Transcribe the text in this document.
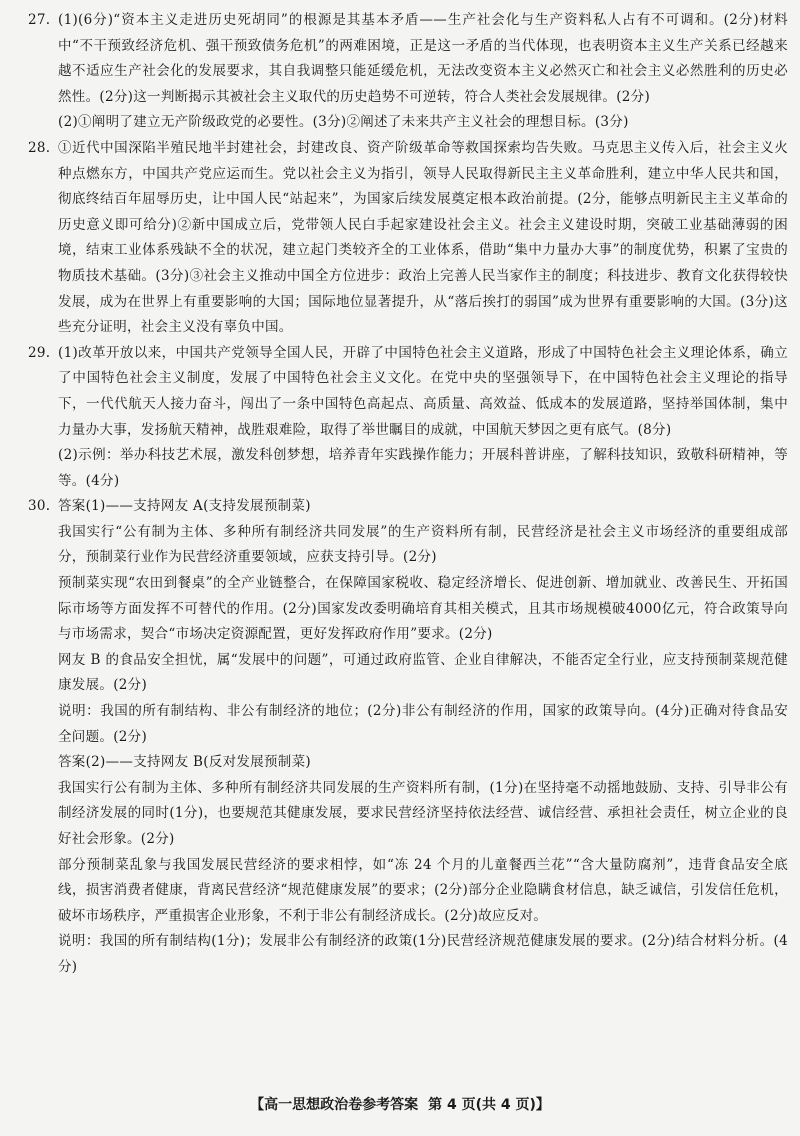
27. (1)(6分)“资本主义走进历史死胡同”的根源是其基本矛盾——生产社会化与生产资料私人占有不可调和。(2分)材料中“不干预致经济危机、强干预致债务危机”的两难困境，正是这一矛盾的当代体现，也表明资本主义生产关系已经越来越不适应生产社会化的发展要求，其自我调整只能延缓危机，无法改变资本主义必然灭亡和社会主义必然胜利的历史必然性。(2分)这一判断揭示其被社会主义取代的历史趋势不可逆转，符合人类社会发展规律。(2分)

(2)①阐明了建立无产阶级政党的必要性。(3分)②阐述了未来共产主义社会的理想目标。(3分)

28. ①近代中国深陷半殖民地半封建社会，封建改良、资产阶级革命等救国探索均告失败。马克思主义传入后，社会主义火种点燃东方，中国共产党应运而生。党以社会主义为指引，领导人民取得新民主主义革命胜利，建立中华人民共和国，彻底终结百年屈辱历史，让中国人民“站起来”，为国家后续发展奠定根本政治前提。(2分，能够点明新民主主义革命的历史意义即可给分)②新中国成立后，党带领人民白手起家建设社会主义。社会主义建设时期，突破工业基础薄弱的困境，结束工业体系残缺不全的状况，建立起门类较齐全的工业体系，借助“集中力量办大事”的制度优势，积累了宝贵的物质技术基础。(3分)③社会主义推动中国全方位进步：政治上完善人民当家作主的制度；科技进步、教育文化获得较快发展，成为在世界上有重要影响的大国；国际地位显著提升，从“落后挨打的弱国”成为世界有重要影响的大国。(3分)这些充分证明，社会主义没有辜负中国。

29. (1)改革开放以来，中国共产党领导全国人民，开辟了中国特色社会主义道路，形成了中国特色社会主义理论体系，确立了中国特色社会主义制度，发展了中国特色社会主义文化。在党中央的坚强领导下，在中国特色社会主义理论的指导下，一代代航天人接力奋斗，闯出了一条中国特色高起点、高质量、高效益、低成本的发展道路，坚持举国体制，集中力量办大事，发扬航天精神，战胜艰难险，取得了举世瞩目的成就，中国航天梦因之更有底气。(8分)

(2)示例：举办科技艺术展，激发科创梦想，培养青年实践操作能力；开展科普讲座，了解科技知识，致敬科研精神，等等。(4分)

30. 答案(1)——支持网友 A(支持发展预制菜)

我国实行“公有制为主体、多种所有制经济共同发展”的生产资料所有制，民营经济是社会主义市场经济的重要组成部分，预制菜行业作为民营经济重要领域，应获支持引导。(2分)

预制菜实现“农田到餐桌”的全产业链整合，在保障国家税收、稳定经济增长、促进创新、增加就业、改善民生、开拓国际市场等方面发挥不可替代的作用。(2分)国家发改委明确培育其相关模式，且其市场规模破4000亿元，符合政策导向与市场需求，契合“市场决定资源配置，更好发挥政府作用”要求。(2分)

网友 B 的食品安全担忧，属“发展中的问题”，可通过政府监管、企业自律解决，不能否定全行业，应支持预制菜规范健康发展。(2分)

说明：我国的所有制结构、非公有制经济的地位；(2分)非公有制经济的作用，国家的政策导向。(4分)正确对待食品安全问题。(2分)

答案(2)——支持网友 B(反对发展预制菜)

我国实行公有制为主体、多种所有制经济共同发展的生产资料所有制，(1分)在坚持毫不动摇地鼓励、支持、引导非公有制经济发展的同时(1分)，也要规范其健康发展，要求民营经济坚持依法经营、诚信经营、承担社会责任，树立企业的良好社会形象。(2分)

部分预制菜乱象与我国发展民营经济的要求相悖，如“冻 24 个月的儿童餐西兰花”“含大量防腐剂”，违背食品安全底线，损害消费者健康，背离民营经济“规范健康发展”的要求；(2分)部分企业隐瞒食材信息，缺乏诚信，引发信任危机，破坏市场秩序，严重损害企业形象，不利于非公有制经济成长。(2分)故应反对。

说明：我国的所有制结构(1分)；发展非公有制经济的政策(1分)民营经济规范健康发展的要求。(2分)结合材料分析。(4分)

【高一思想政治卷参考答案 第 4 页(共 4 页)】
